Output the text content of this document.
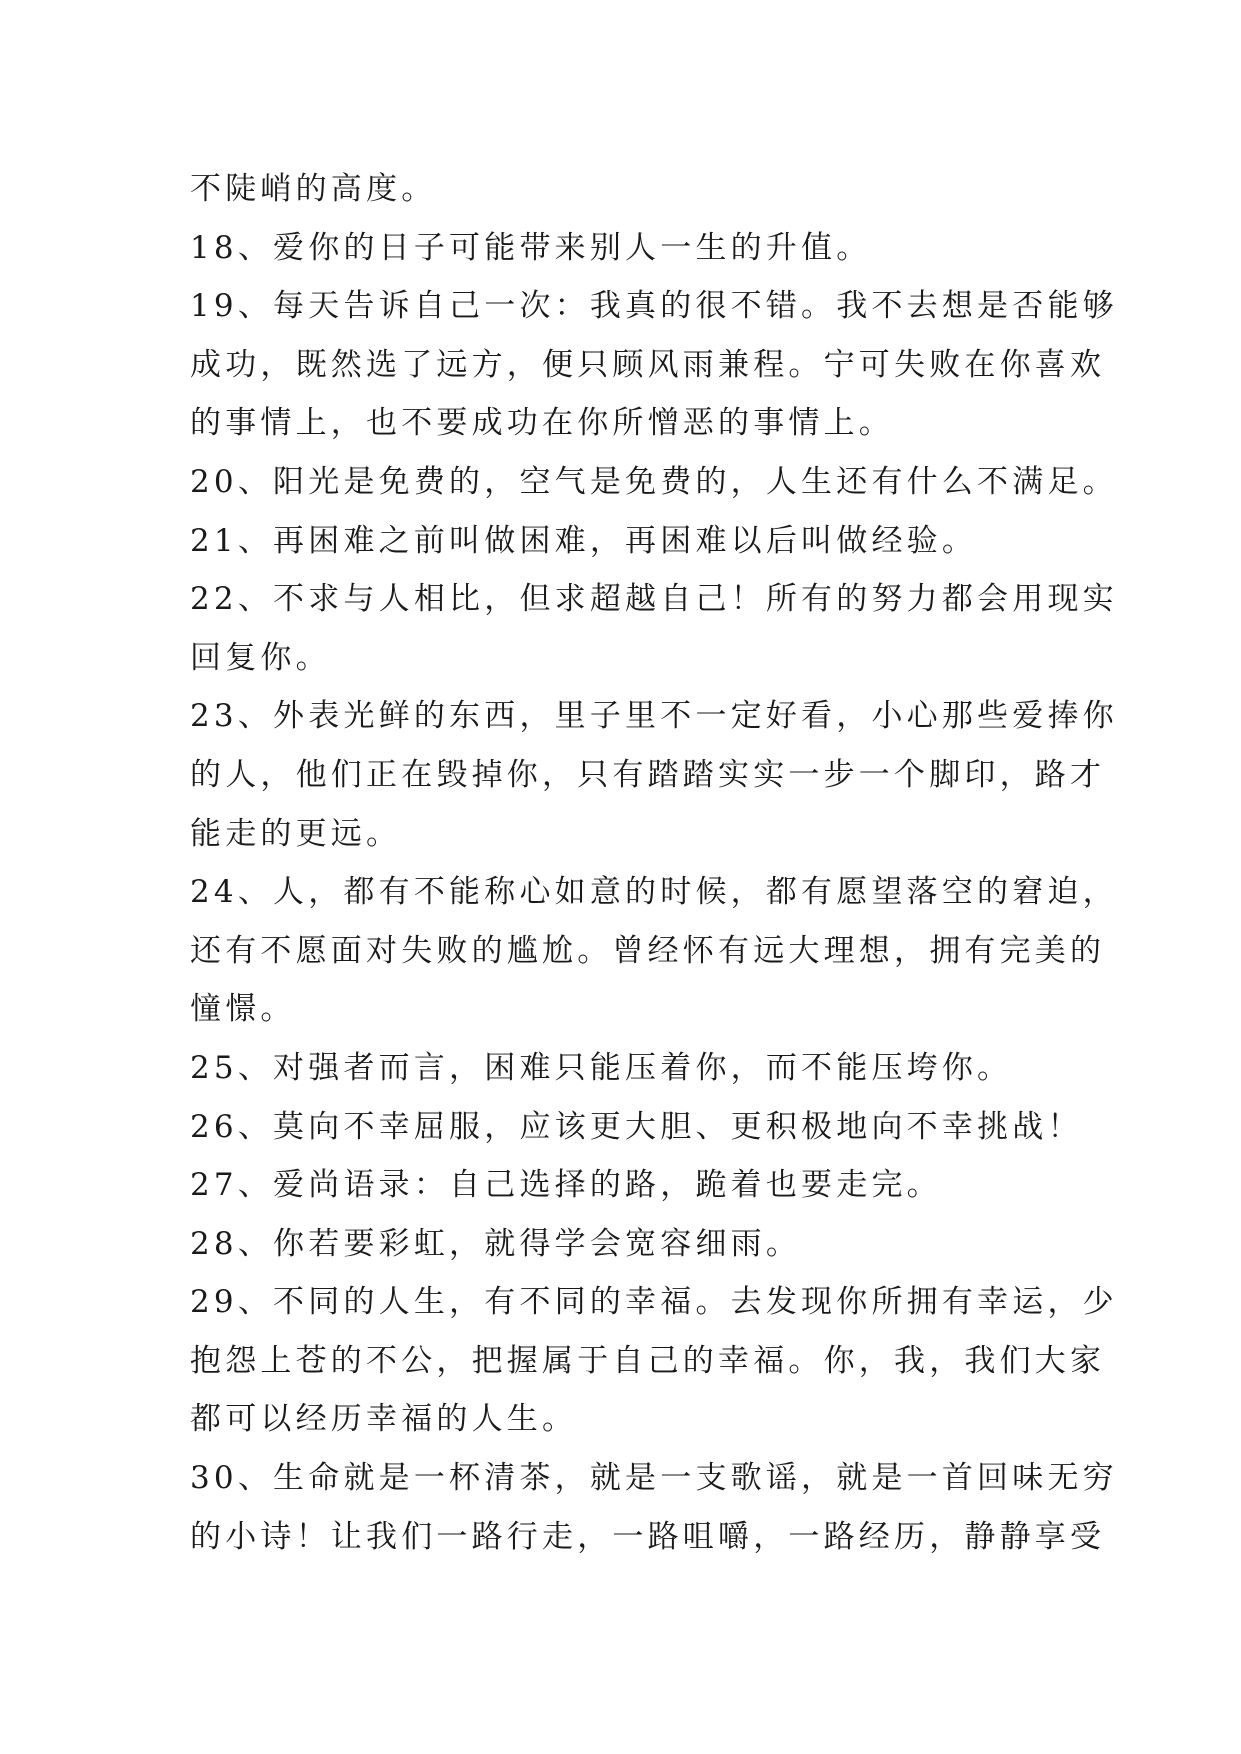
不陡峭的高度。
18、爱你的日子可能带来别人一生的升值。
19、每天告诉自己一次：我真的很不错。我不去想是否能够
成功，既然选了远方，便只顾风雨兼程。宁可失败在你喜欢
的事情上，也不要成功在你所憎恶的事情上。
20、阳光是免费的，空气是免费的，人生还有什么不满足。
21、再困难之前叫做困难，再困难以后叫做经验。
22、不求与人相比，但求超越自己！所有的努力都会用现实
回复你。
23、外表光鲜的东西，里子里不一定好看，小心那些爱捧你
的人，他们正在毁掉你，只有踏踏实实一步一个脚印，路才
能走的更远。
24、人，都有不能称心如意的时候，都有愿望落空的窘迫，
还有不愿面对失败的尴尬。曾经怀有远大理想，拥有完美的
憧憬。
25、对强者而言，困难只能压着你，而不能压垮你。
26、莫向不幸屈服，应该更大胆、更积极地向不幸挑战！
27、爱尚语录：自己选择的路，跪着也要走完。
28、你若要彩虹，就得学会宽容细雨。
29、不同的人生，有不同的幸福。去发现你所拥有幸运，少
抱怨上苍的不公，把握属于自己的幸福。你，我，我们大家
都可以经历幸福的人生。
30、生命就是一杯清茶，就是一支歌谣，就是一首回味无穷
的小诗！让我们一路行走，一路咀嚼，一路经历，静静享受
